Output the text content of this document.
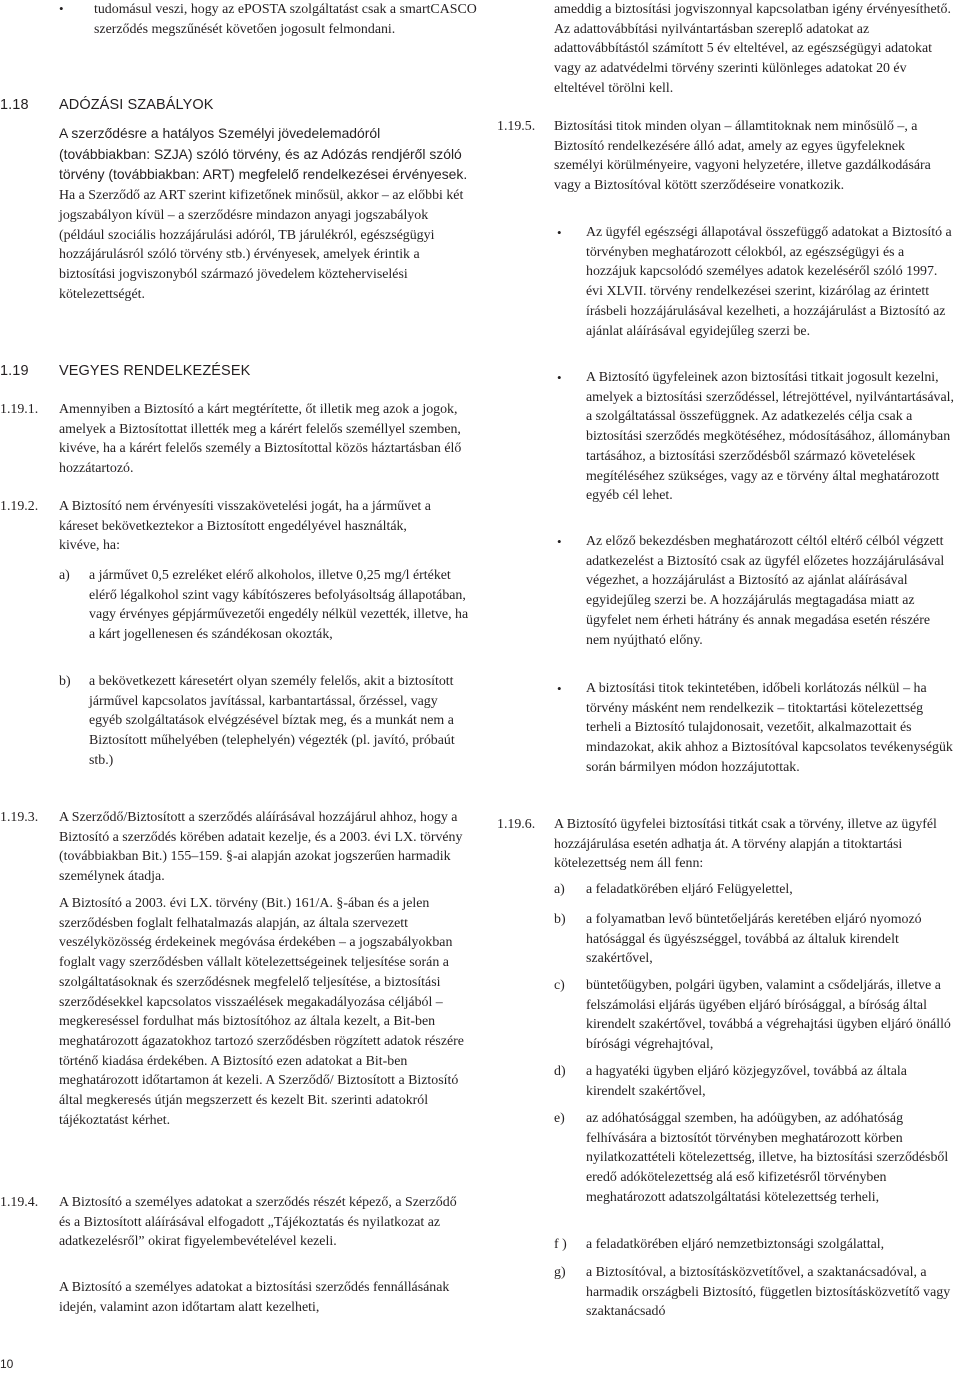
• tudomásul veszi, hogy az ePOSTA szolgáltatást csak a smartCASCO szerződés megszűnését követően jogosult felmondani.

1.18 ADÓZÁSI SZABÁLYOK

A szerződésre a hatályos Személyi jövedelemadóról (továbbiakban: SZJA) szóló törvény, és az Adózás rendjéről szóló törvény (továbbiakban: ART) megfelelő rendelkezései érvényesek. Ha a Szerződő az ART szerint kifizetőnek minősül, akkor – az előbbi két jogszabályon kívül – a szerződésre mindazon anyagi jogszabályok (például szociális hozzájárulási adóról, TB járulékról, egészségügyi hozzájárulásról szóló törvény stb.) érvényesek, amelyek érintik a biztosítási jogviszonyból származó jövedelem közteherviselési kötelezettségét.

1.19 VEGYES RENDELKEZÉSEK
1.19.1. Amennyiben a Biztosító a kárt megtérítette, őt illetik meg azok a jogok, amelyek a Biztosítottat illették meg a kárért felelős személlyel szemben, kivéve, ha a kárért felelős személy a Biztosítottal közös háztartásban élő hozzátartozó.

1.19.2. A Biztosító nem érvényesíti visszakövetelési jogát, ha a járművet a káreset bekövetkeztekor a Biztosított engedélyével használták, kivéve, ha:

a) a járművet 0,5 ezreléket elérő alkoholos, illetve 0,25 mg/l értéket elérő légalkohol szint vagy kábítószeres befolyásoltság állapotában, vagy érvényes gépjárművezetői engedély nélkül vezették, illetve, ha a kárt jogellenesen és szándékosan okozták,

b) a bekövetkezett káresetért olyan személy felelős, akit a biztosított járművel kapcsolatos javítással, karbantartással, őrzéssel, vagy egyéb szolgáltatások elvégzésével bíztak meg, és a munkát nem a Biztosított műhelyében (telephelyén) végezték (pl. javító, próbaút stb.)

1.19.3. A Szerződő/Biztosított a szerződés aláírásával hozzájárul ahhoz, hogy a Biztosító a szerződés körében adatait kezelje, és a 2003. évi LX. törvény (továbbiakban Bit.) 155–159. §-ai alapján azokat jogszerűen harmadik személynek átadja.

A Biztosító a 2003. évi LX. törvény (Bit.) 161/A. §-ában és a jelen szerződésben foglalt felhatalmazás alapján, az általa szervezett veszélyközösség érdekeinek megóvása érdekében – a jogszabályokban foglalt vagy szerződésben vállalt kötelezettségeinek teljesítése során a szolgáltatásoknak és szerződésnek megfelelő teljesítése, a biztosítási szerződésekkel kapcsolatos visszaélések megakadályozása céljából – megkereséssel fordulhat más biztosítóhoz az általa kezelt, a Bit-ben meghatározott ágazatokhoz tartozó szerződésben rögzített adatok részére történő kiadása érdekében. A Biztosító ezen adatokat a Bit-ben meghatározott időtartamon át kezeli. A Szerződő/ Biztosított a Biztosító által megkeresés útján megszerzett és kezelt Bit. szerinti adatokról tájékoztatást kérhet.

1.19.4. A Biztosító a személyes adatokat a szerződés részét képező, a Szerződő és a Biztosított aláírásával elfogadott „Tájékoztatás és nyilatkozat az adatkezelésről” okirat figyelembevételével kezeli.

A Biztosító a személyes adatokat a biztosítási szerződés fennállásának idején, valamint azon időtartam alatt kezelheti,

ameddig a biztosítási jogviszonnyal kapcsolatban igény érvényesíthető. Az adattovábbítási nyilvántartásban szereplő adatokat az adattovábbítástól számított 5 év elteltével, az egészségügyi adatokat vagy az adatvédelmi törvény szerinti különleges adatokat 20 év elteltével törölni kell.

1.19.5. Biztosítási titok minden olyan – államtitoknak nem minősülő –, a Biztosító rendelkezésére álló adat, amely az egyes ügyfeleknek személyi körülményeire, vagyoni helyzetére, illetve gazdálkodására vagy a Biztosítóval kötött szerződéseire vonatkozik.

• Az ügyfél egészségi állapotával összefüggő adatokat a Biztosító a törvényben meghatározott célokból, az egészségügyi és a hozzájuk kapcsolódó személyes adatok kezeléséről szóló 1997. évi XLVII. törvény rendelkezései szerint, kizárólag az érintett írásbeli hozzájárulásával kezelheti, a hozzájárulást a Biztosító az ajánlat aláírásával egyidejűleg szerzi be.

• A Biztosító ügyfeleinek azon biztosítási titkait jogosult kezelni, amelyek a biztosítási szerződéssel, létrejöttével, nyilvántartásával, a szolgáltatással összefüggnek. Az adatkezelés célja csak a biztosítási szerződés megkötéséhez, módosításához, állományban tartásához, a biztosítási szerződésből származó követelések megítéléséhez szükséges, vagy az e törvény által meghatározott egyéb cél lehet.

• Az előző bekezdésben meghatározott céltól eltérő célból végzett adatkezelést a Biztosító csak az ügyfél előzetes hozzájárulásával végezhet, a hozzájárulást a Biztosító az ajánlat aláírásával egyidejűleg szerzi be. A hozzájárulás megtagadása miatt az ügyfelet nem érheti hátrány és annak megadása esetén részére nem nyújtható előny.

• A biztosítási titok tekintetében, időbeli korlátozás nélkül – ha törvény másként nem rendelkezik – titoktartási kötelezettség terheli a Biztosító tulajdonosait, vezetőit, alkalmazottait és mindazokat, akik ahhoz a Biztosítóval kapcsolatos tevékenységük során bármilyen módon hozzájutottak.

1.19.6. A Biztosító ügyfelei biztosítási titkát csak a törvény, illetve az ügyfél hozzájárulása esetén adhatja át. A törvény alapján a titoktartási kötelezettség nem áll fenn:

a) a feladatkörében eljáró Felügyelettel,

b) a folyamatban levő büntetőeljárás keretében eljáró nyomozó hatósággal és ügyészséggel, továbbá az általuk kirendelt szakértővel,

c) büntetőügyben, polgári ügyben, valamint a csődeljárás, illetve a felszámolási eljárás ügyében eljáró bírósággal, a bíróság által kirendelt szakértővel, továbbá a végrehajtási ügyben eljáró önálló bírósági végrehajtóval,

d) a hagyatéki ügyben eljáró közjegyzővel, továbbá az általa kirendelt szakértővel,

e) az adóhatósággal szemben, ha adóügyben, az adóhatóság felhívására a biztosítót törvényben meghatározott körben nyilatkozattételi kötelezettség, illetve, ha biztosítási szerződésből eredő adókötelezettség alá eső kifizetésről törvényben meghatározott adatszolgáltatási kötelezettség terheli,

f ) a feladatkörében eljáró nemzetbiztonsági szolgálattal,

g) a Biztosítóval, a biztosításközvetítővel, a szaktanácsadóval, a harmadik országbeli Biztosító, független biztosításközvetítő vagy szaktanácsadó

10
